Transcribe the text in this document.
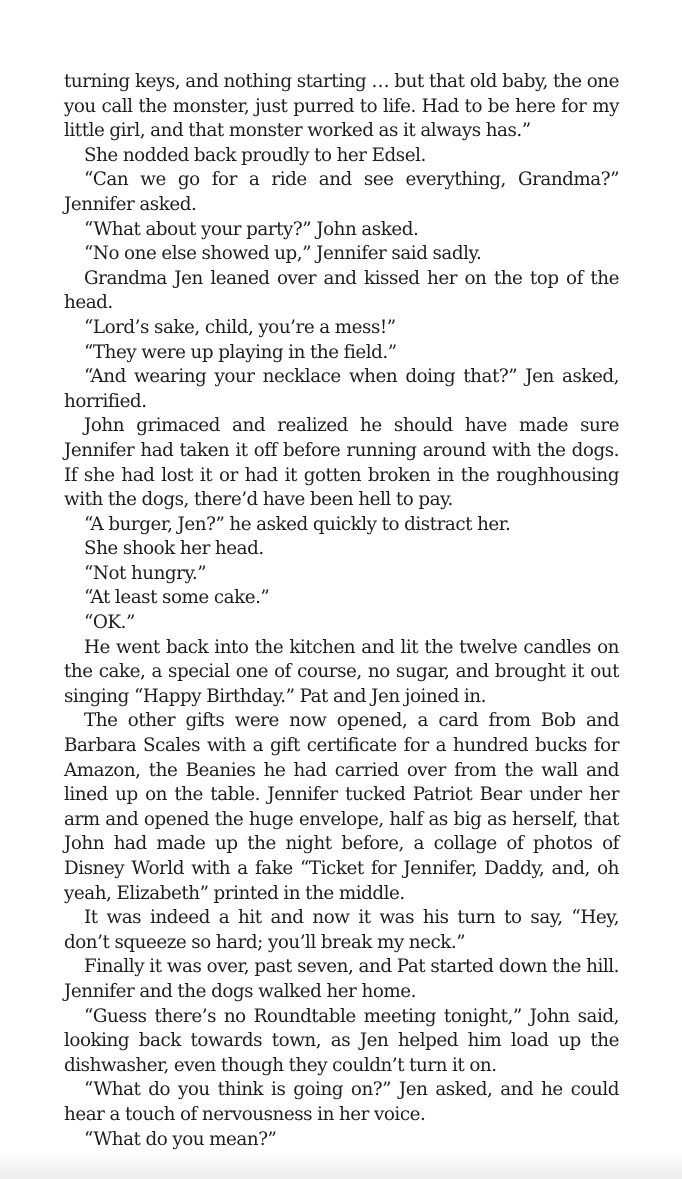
turning keys, and nothing starting … but that old baby, the one you call the monster, just purred to life. Had to be here for my little girl, and that monster worked as it always has.”

She nodded back proudly to her Edsel.

“Can we go for a ride and see everything, Grandma?” Jennifer asked.

“What about your party?” John asked.

“No one else showed up,” Jennifer said sadly.

Grandma Jen leaned over and kissed her on the top of the head.

“Lord’s sake, child, you’re a mess!”

“They were up playing in the field.”

“And wearing your necklace when doing that?” Jen asked, horrified.

John grimaced and realized he should have made sure Jennifer had taken it off before running around with the dogs. If she had lost it or had it gotten broken in the roughhousing with the dogs, there’d have been hell to pay.

“A burger, Jen?” he asked quickly to distract her.

She shook her head.

“Not hungry.”

“At least some cake.”

“OK.”

He went back into the kitchen and lit the twelve candles on the cake, a special one of course, no sugar, and brought it out singing “Happy Birthday.” Pat and Jen joined in.

The other gifts were now opened, a card from Bob and Barbara Scales with a gift certificate for a hundred bucks for Amazon, the Beanies he had carried over from the wall and lined up on the table. Jennifer tucked Patriot Bear under her arm and opened the huge envelope, half as big as herself, that John had made up the night before, a collage of photos of Disney World with a fake “Ticket for Jennifer, Daddy, and, oh yeah, Elizabeth” printed in the middle.

It was indeed a hit and now it was his turn to say, “Hey, don’t squeeze so hard; you’ll break my neck.”

Finally it was over, past seven, and Pat started down the hill. Jennifer and the dogs walked her home.

“Guess there’s no Roundtable meeting tonight,” John said, looking back towards town, as Jen helped him load up the dishwasher, even though they couldn’t turn it on.

“What do you think is going on?” Jen asked, and he could hear a touch of nervousness in her voice.

“What do you mean?”
